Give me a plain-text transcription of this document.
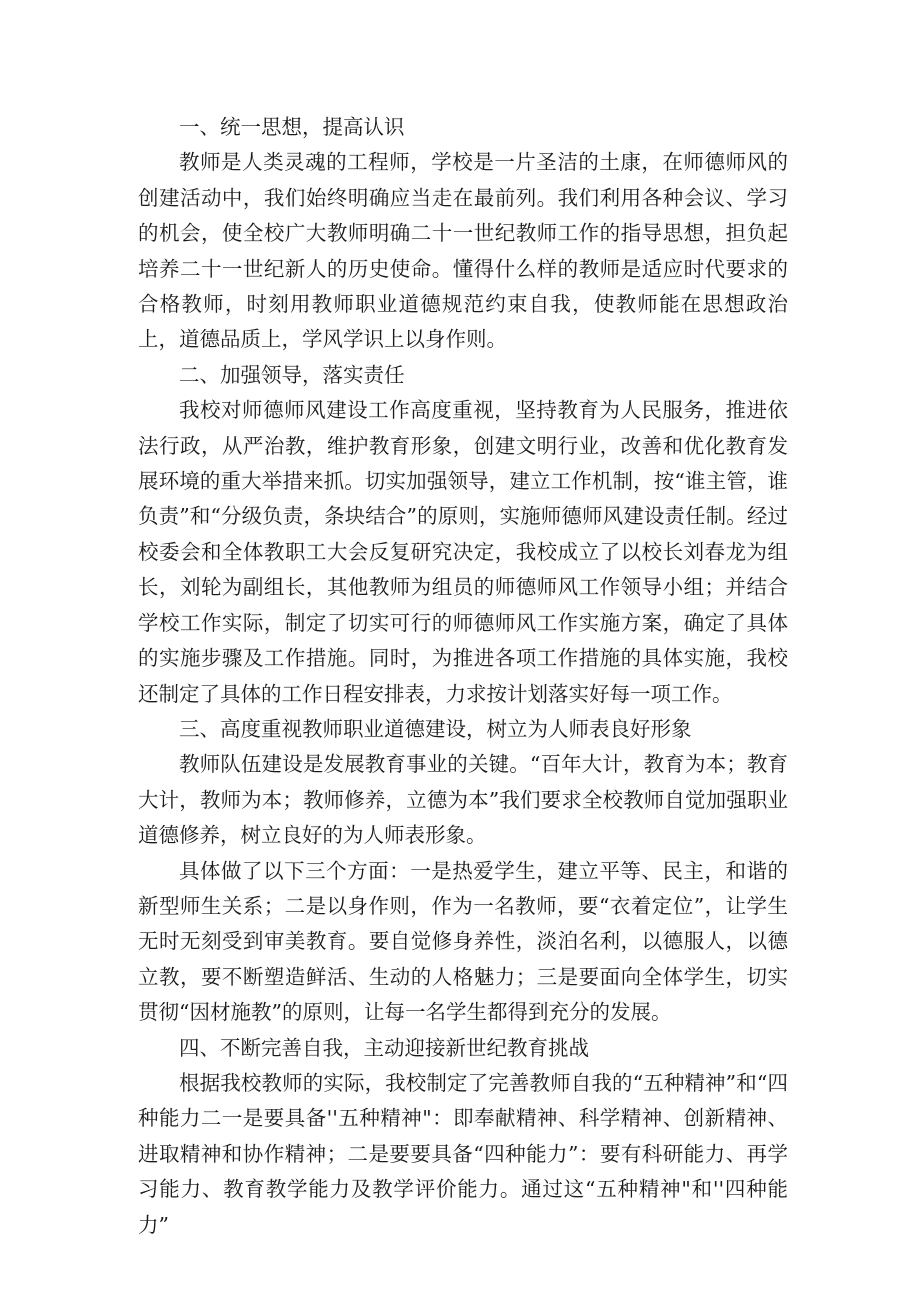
一、统一思想，提高认识

教师是人类灵魂的工程师，学校是一片圣洁的土康，在师德师风的创建活动中，我们始终明确应当走在最前列。我们利用各种会议、学习的机会，使全校广大教师明确二十一世纪教师工作的指导思想，担负起培养二十一世纪新人的历史使命。懂得什么样的教师是适应时代要求的合格教师，时刻用教师职业道德规范约束自我，使教师能在思想政治上，道德品质上，学风学识上以身作则。

二、加强领导，落实责任

我校对师德师风建设工作高度重视，坚持教育为人民服务，推进依法行政，从严治教，维护教育形象，创建文明行业，改善和优化教育发展环境的重大举措来抓。切实加强领导，建立工作机制，按“谁主管，谁负责”和“分级负责，条块结合”的原则，实施师德师风建设责任制。经过校委会和全体教职工大会反复研究决定，我校成立了以校长刘春龙为组长，刘轮为副组长，其他教师为组员的师德师风工作领导小组；并结合学校工作实际，制定了切实可行的师德师风工作实施方案，确定了具体的实施步骤及工作措施。同时，为推进各项工作措施的具体实施，我校还制定了具体的工作日程安排表，力求按计划落实好每一项工作。

三、高度重视教师职业道德建设，树立为人师表良好形象

教师队伍建设是发展教育事业的关键。“百年大计，教育为本；教育大计，教师为本；教师修养，立德为本”我们要求全校教师自觉加强职业道德修养，树立良好的为人师表形象。

具体做了以下三个方面：一是热爱学生，建立平等、民主，和谐的新型师生关系；二是以身作则，作为一名教师，要“衣着定位”，让学生无时无刻受到审美教育。要自觉修身养性，淡泊名利，以德服人，以德立教，要不断塑造鲜活、生动的人格魅力；三是要面向全体学生，切实贯彻“因材施教”的原则，让每一名学生都得到充分的发展。

四、不断完善自我，主动迎接新世纪教育挑战

根据我校教师的实际，我校制定了完善教师自我的“五种精神”和“四种能力二一是要具备''五种精神"：即奉献精神、科学精神、创新精神、进取精神和协作精神；二是要要具备“四种能力”：要有科研能力、再学习能力、教育教学能力及教学评价能力。通过这“五种精神"和''四种能力”
